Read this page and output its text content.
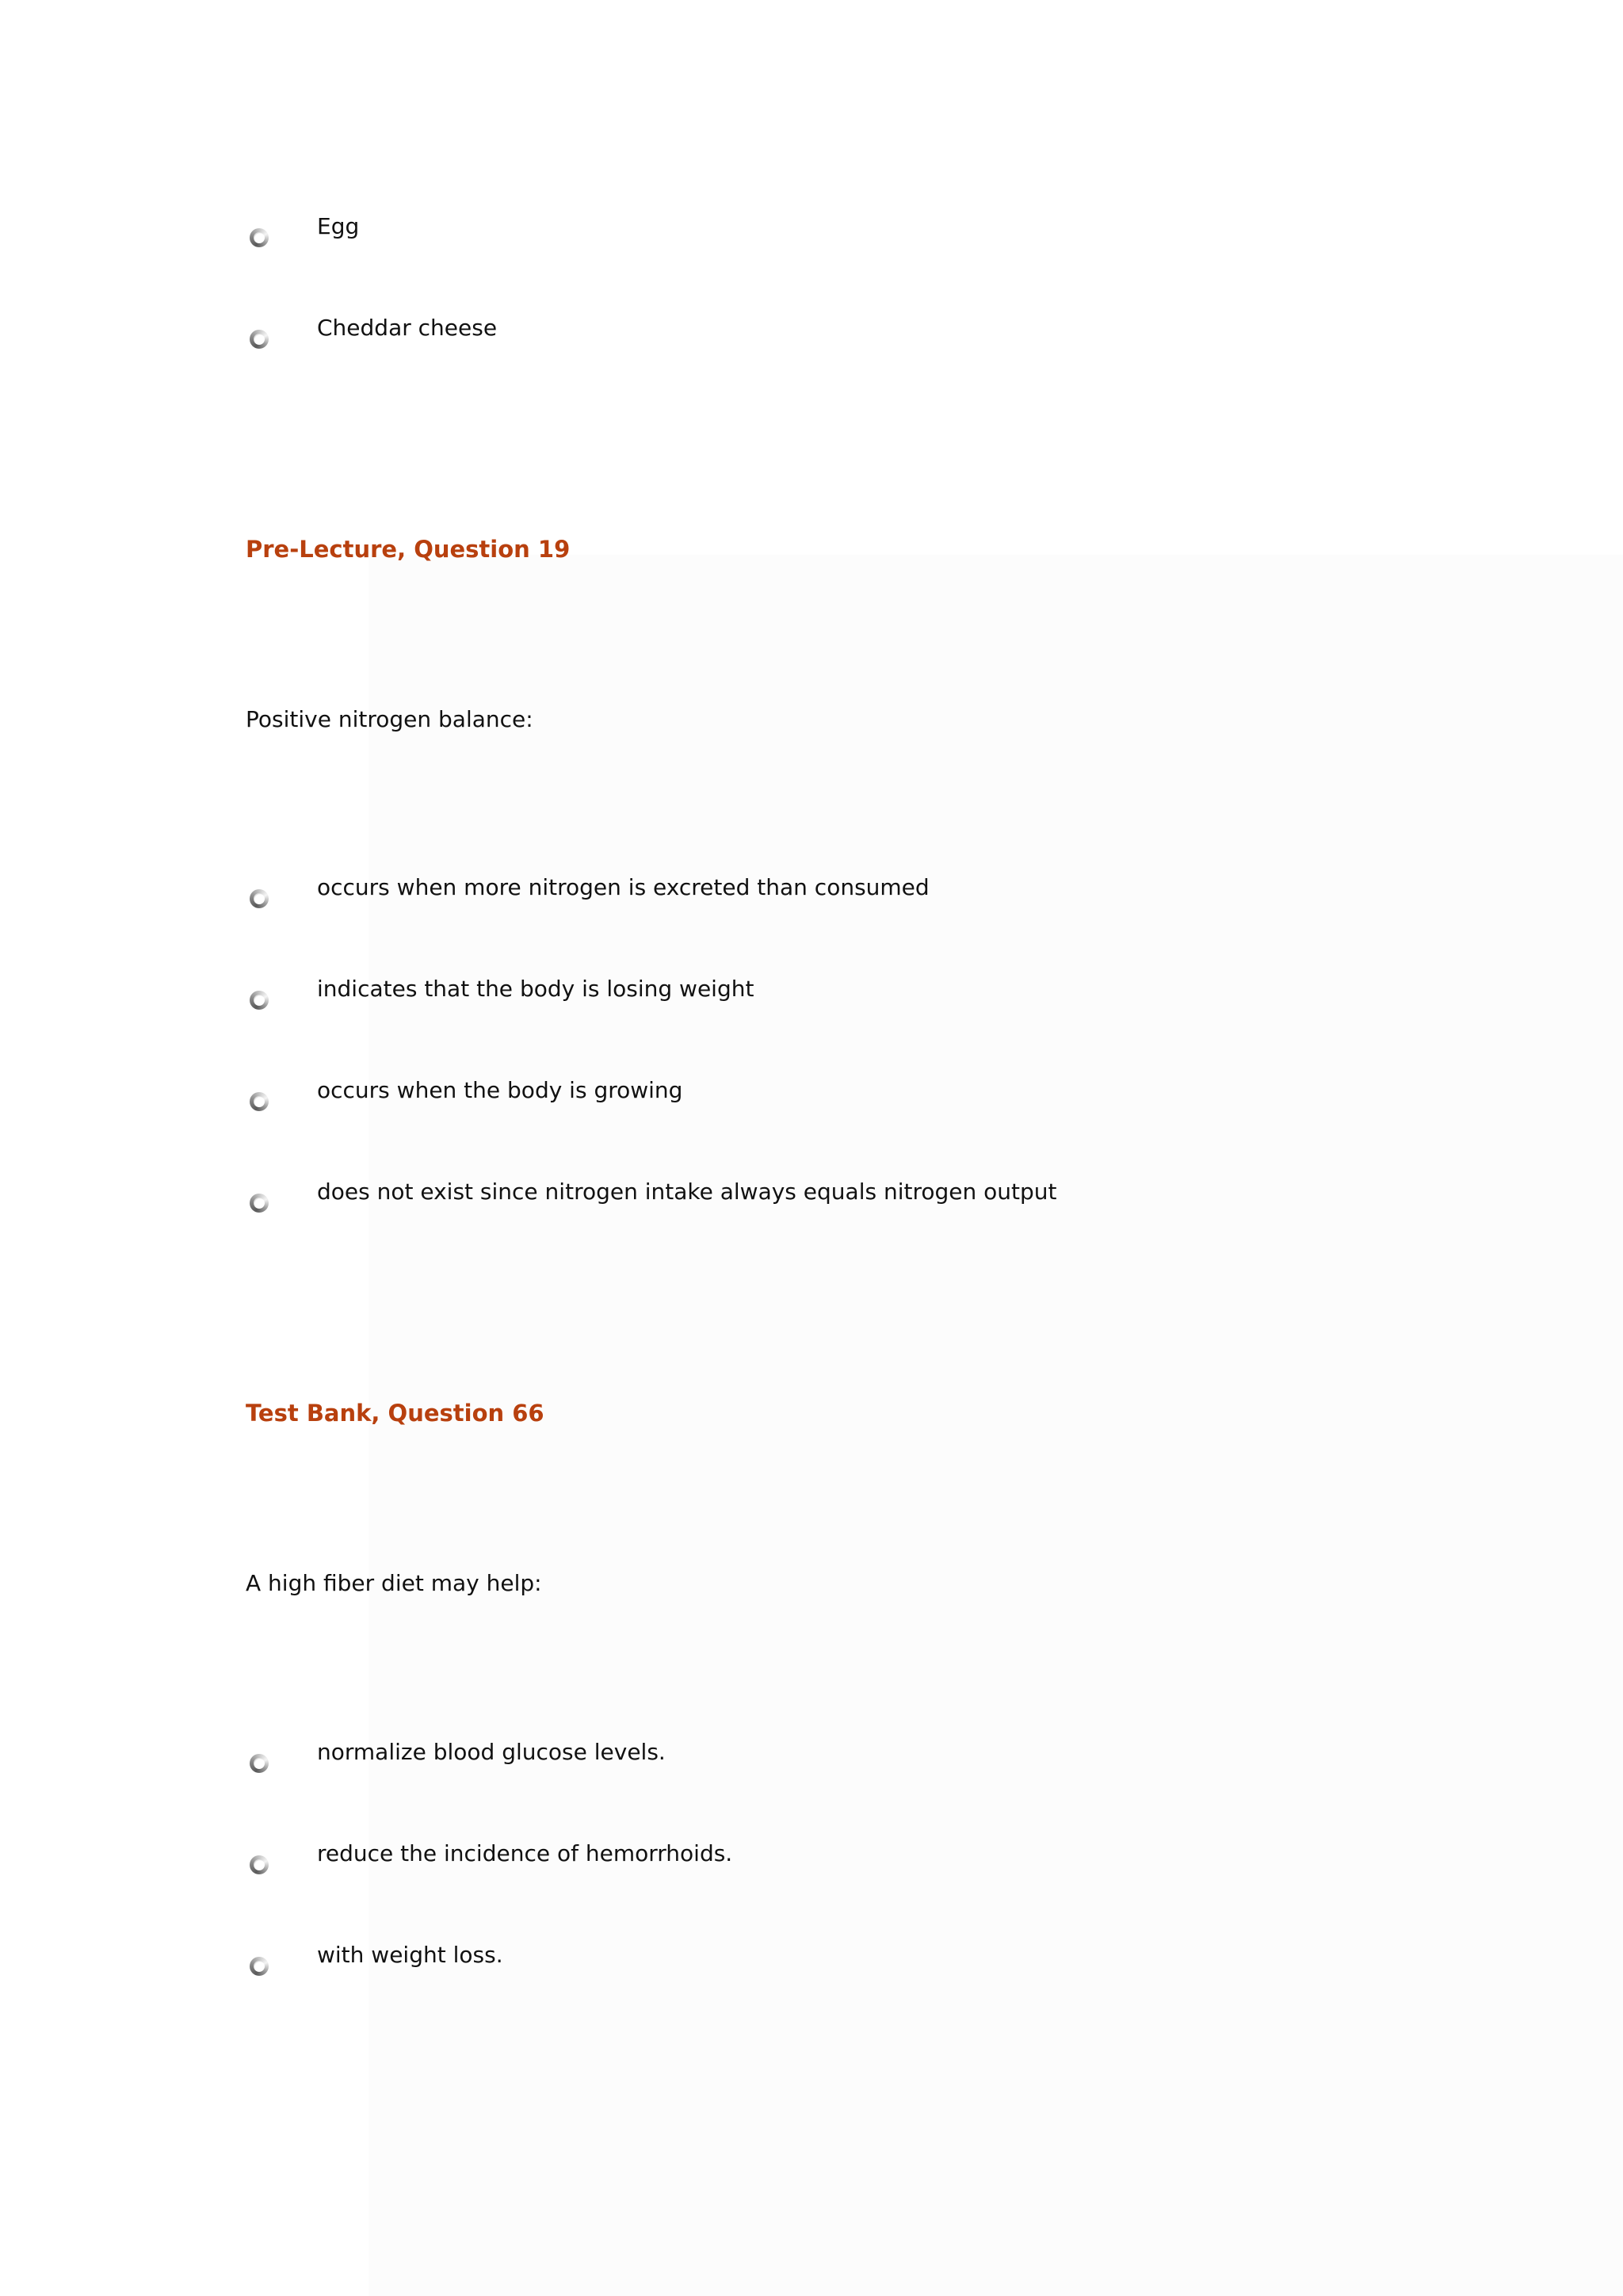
Egg
Cheddar cheese
Pre-Lecture, Question 19
Positive nitrogen balance:
occurs when more nitrogen is excreted than consumed
indicates that the body is losing weight
occurs when the body is growing
does not exist since nitrogen intake always equals nitrogen output
Test Bank, Question 66
A high fiber diet may help:
normalize blood glucose levels.
reduce the incidence of hemorrhoids.
with weight loss.
